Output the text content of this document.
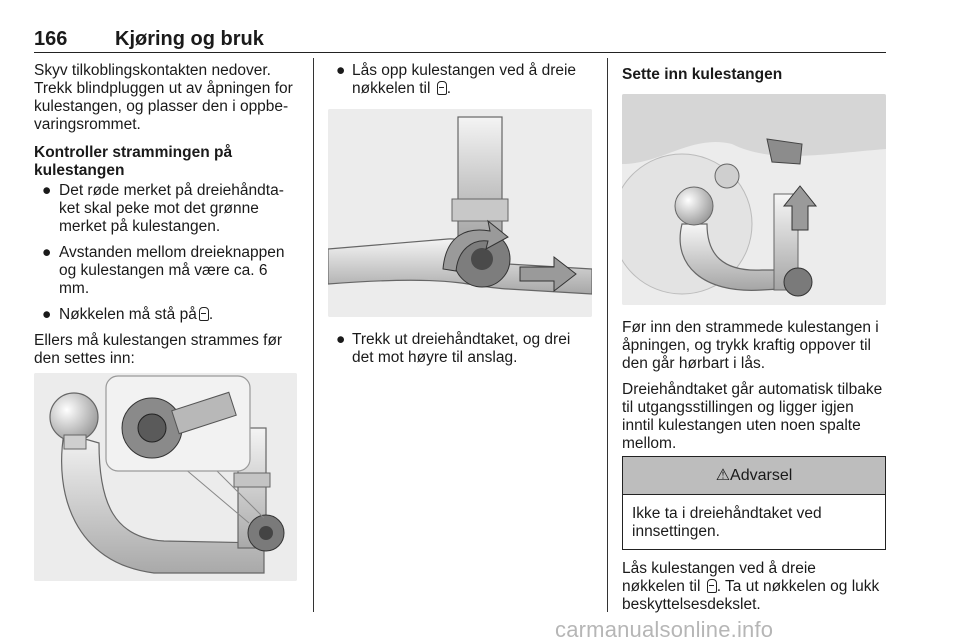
166 Kjøring og bruk

Skyv tilkoblingskontakten nedover. Trekk blindpluggen ut av åpningen for kulestangen, og plasser den i oppbe-varingsrommet.

Kontroller strammingen på kulestangen

● Det røde merket på dreiehåndta-ket skal peke mot det grønne merket på kulestangen.
● Avstanden mellom dreieknappen og kulestangen må være ca. 6 mm.
● Nøkkelen må stå på .

Ellers må kulestangen strammes før den settes inn:

● Lås opp kulestangen ved å dreie nøkkelen til .
● Trekk ut dreiehåndtaket, og drei det mot høyre til anslag.

Sette inn kulestangen

Før inn den strammede kulestangen i åpningen, og trykk kraftig oppover til den går hørbart i lås.

Dreiehåndtaket går automatisk tilbake til utgangsstillingen og ligger igjen inntil kulestangen uten noen spalte mellom.

⚠Advarsel
Ikke ta i dreiehåndtaket ved innsettingen.
Lås kulestangen ved å dreie
nøkkelen til . Ta ut nøkkelen og lukk
beskyttelsesdekslet.
carmanualsonline.info
